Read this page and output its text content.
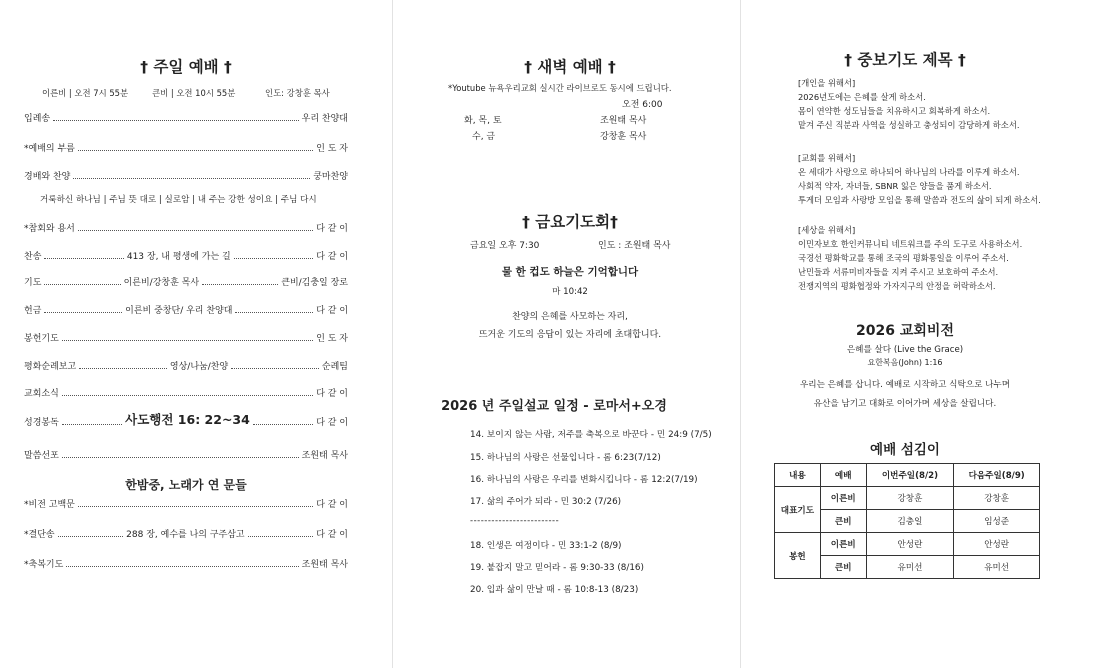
† 주일 예배 †
이른비 | 오전 7시 55분	큰비 | 오전 10시 55분	인도: 강창훈 목사
입례송	우리 찬양대
*예배의 부름	인 도 자
경배와 찬양	쿵마찬양
*참회와 용서	다 같 이
찬송	413 장, 내 평생에 가는 길	다 같 이
기도	이른비/강창훈 목사	큰비/김충일 장로
헌금	이른비 중창단/ 우리 찬양대	다 같 이
봉헌기도	인 도 자
평화순례보고	영상/나눔/찬양	순례팀
교회소식	다 같 이
성경봉독	사도행전 16: 22~34	다 같 이
말씀선포	조원태 목사
거룩하신 하나님 | 주님 뜻 대로 | 실로암 | 내 주는 강한 성이요 | 주님 다시
한밤중, 노래가 연 문들
*비전 고백문	다 같 이
*결단송	288 장, 예수를 나의 구주삼고	다 같 이
*축복기도	조원태 목사
† 새벽 예배 †
*Youtube 뉴욕우리교회 실시간 라이브로도 동시에 드립니다.
오전 6:00
화, 목, 토	조원태 목사
수, 금	강창훈 목사
† 금요기도회†
금요일 오후 7:30	인도 : 조원태 목사
물 한 컵도 하늘은 기억합니다
마 10:42
찬양의 은혜를 사모하는 자리,
뜨거운 기도의 응답이 있는 자리에 초대합니다.
2026 년 주일설교 일정 - 로마서+오경
14. 보이지 않는 사람, 저주를 축복으로 바꾼다 - 민 24:9 (7/5)
15. 하나님의 사랑은 선물입니다 - 롬 6:23(7/12)
16. 하나님의 사랑은 우리를 변화시킵니다 - 롬 12:2(7/19)
17. 삶의 주어가 되라 - 민 30:2 (7/26)
-------------------------
18. 인생은 여정이다 - 민 33:1-2 (8/9)
19. 붙잡지 말고 믿어라 - 롬 9:30-33 (8/16)
20. 입과 삶이 만날 때 - 롬 10:8-13 (8/23)
† 중보기도 제목 †
[개인을 위해서]
2026년도에는 은혜를 살게 하소서.
몸이 연약한 성도님들을 치유하시고 회복하게 하소서.
맡겨 주신 직분과 사역을 성실하고 충성되이 감당하게 하소서.
[교회를 위해서]
온 세대가 사랑으로 하나되어 하나님의 나라를 이루게 하소서.
사회적 약자, 자녀들, SBNR 잃은 양들을 품게 하소서.
투게더 모임과 사랑방 모임을 통해 말씀과 전도의 삶이 되게 하소서.
[세상을 위해서]
이민자보호 한인커뮤니티 네트워크를 주의 도구로 사용하소서.
국경선 평화학교를 통해 조국의 평화통일을 이루어 주소서.
난민들과 서류미비자들을 지켜 주시고 보호하여 주소서.
전쟁지역의 평화협정와 가자지구의 안정을 허락하소서.
2026 교회비전
은혜를 살다 (Live the Grace)
요한복음(John) 1:16
우리는 은혜를 삽니다. 예배로 시작하고 식탁으로 나누며
유산을 남기고 대화로 이어가며 세상을 살립니다.
예배 섬김이
내용	예배	이번주일(8/2)	다음주일(8/9)
대표기도	이른비	강창훈	강창훈
	큰비	김충일	임성준
봉헌	이른비	안성란	안성란
	큰비	유미선	유미선
